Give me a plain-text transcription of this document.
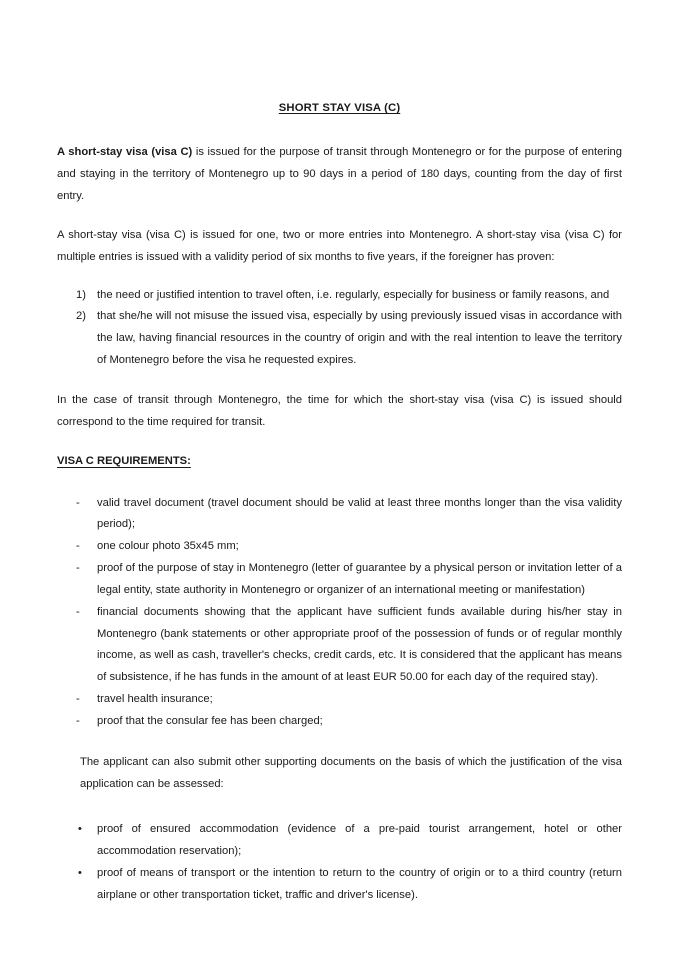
SHORT STAY VISA (C)

A short-stay visa (visa C) is issued for the purpose of transit through Montenegro or for the purpose of entering and staying in the territory of Montenegro up to 90 days in a period of 180 days, counting from the day of first entry.

A short-stay visa (visa C) is issued for one, two or more entries into Montenegro. A short-stay visa (visa C) for multiple entries is issued with a validity period of six months to five years, if the foreigner has proven:

1) the need or justified intention to travel often, i.e. regularly, especially for business or family reasons, and
2) that she/he will not misuse the issued visa, especially by using previously issued visas in accordance with the law, having financial resources in the country of origin and with the real intention to leave the territory of Montenegro before the visa he requested expires.

In the case of transit through Montenegro, the time for which the short-stay visa (visa C) is issued should correspond to the time required for transit.

VISA C REQUIREMENTS:
-	valid travel document (travel document should be valid at least three months longer than the visa validity period);
-	one colour photo 35x45 mm;
-	proof of the purpose of stay in Montenegro (letter of guarantee by a physical person or invitation letter of a legal entity, state authority in Montenegro or organizer of an international meeting or manifestation)
-	financial documents showing that the applicant have sufficient funds available during his/her stay in Montenegro (bank statements or other appropriate proof of the possession of funds or of regular monthly income, as well as cash, traveller's checks, credit cards, etc. It is considered that the applicant has means of subsistence, if he has funds in the amount of at least EUR 50.00 for each day of the required stay).
-	travel health insurance;
-	proof that the consular fee has been charged;

The applicant can also submit other supporting documents on the basis of which the justification of the visa application can be assessed:

•	proof of ensured accommodation (evidence of a pre-paid tourist arrangement, hotel or other accommodation reservation);
•	proof of means of transport or the intention to return to the country of origin or to a third country (return airplane or other transportation ticket, traffic and driver's license).
